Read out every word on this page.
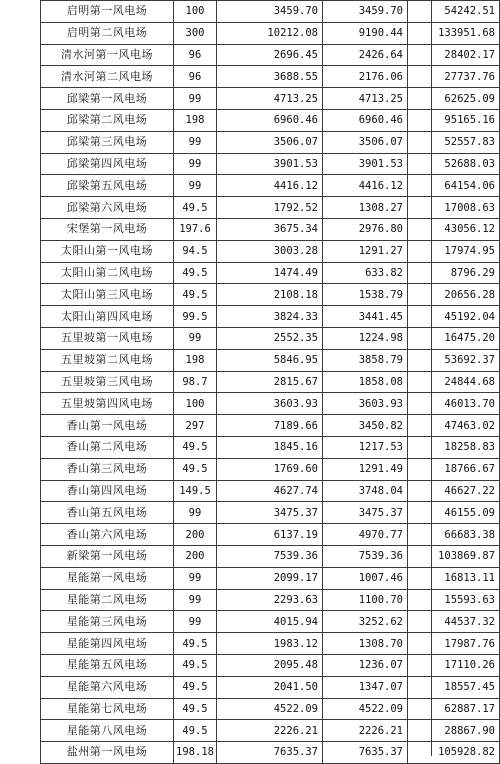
启明第一风电场	100	3459.70	3459.70	54242.51
启明第二风电场	300	10212.08	9190.44	133951.68
清水河第一风电场	96	2696.45	2426.64	28402.17
清水河第二风电场	96	3688.55	2176.06	27737.76
邱梁第一风电场	99	4713.25	4713.25	62625.09
邱梁第二风电场	198	6960.46	6960.46	95165.16
邱梁第三风电场	99	3506.07	3506.07	52557.83
邱梁第四风电场	99	3901.53	3901.53	52688.03
邱梁第五风电场	99	4416.12	4416.12	64154.06
邱梁第六风电场	49.5	1792.52	1308.27	17008.63
宋堡第一风电场	197.6	3675.34	2976.80	43056.12
太阳山第一风电场	94.5	3003.28	1291.27	17974.95
太阳山第二风电场	49.5	1474.49	633.82	8796.29
太阳山第三风电场	49.5	2108.18	1538.79	20656.28
太阳山第四风电场	99.5	3824.33	3441.45	45192.04
五里坡第一风电场	99	2552.35	1224.98	16475.20
五里坡第二风电场	198	5846.95	3858.79	53692.37
五里坡第三风电场	98.7	2815.67	1858.08	24844.68
五里坡第四风电场	100	3603.93	3603.93	46013.70
香山第一风电场	297	7189.66	3450.82	47463.02
香山第二风电场	49.5	1845.16	1217.53	18258.83
香山第三风电场	49.5	1769.60	1291.49	18766.67
香山第四风电场	149.5	4627.74	3748.04	46627.22
香山第五风电场	99	3475.37	3475.37	46155.09
香山第六风电场	200	6137.19	4970.77	66683.38
新梁第一风电场	200	7539.36	7539.36	103869.87
星能第一风电场	99	2099.17	1007.46	16813.11
星能第二风电场	99	2293.63	1100.70	15593.63
星能第三风电场	99	4015.94	3252.62	44537.32
星能第四风电场	49.5	1983.12	1308.70	17987.76
星能第五风电场	49.5	2095.48	1236.07	17110.26
星能第六风电场	49.5	2041.50	1347.07	18557.45
星能第七风电场	49.5	4522.09	4522.09	62887.17
星能第八风电场	49.5	2226.21	2226.21	28867.90
盐州第一风电场	198.18	7635.37	7635.37	105928.82
